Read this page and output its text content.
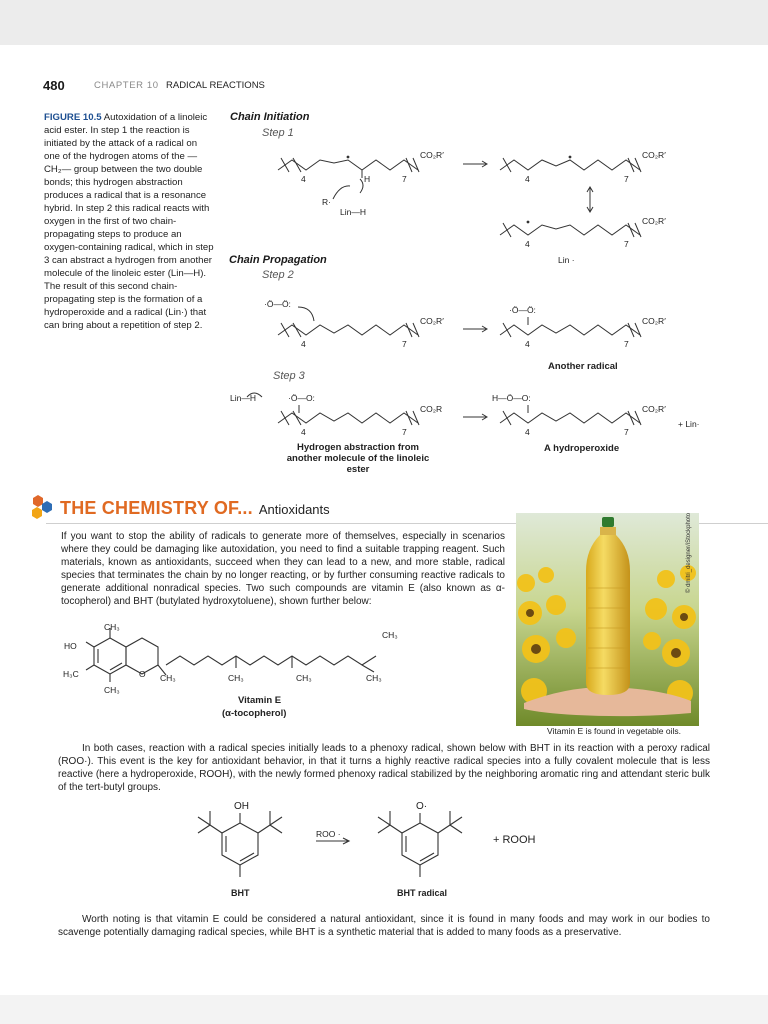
480	CHAPTER 10 RADICAL REACTIONS
FIGURE 10.5 Autoxidation of a linoleic acid ester. In step 1 the reaction is initiated by the attack of a radical on one of the hydrogen atoms of the —CH₂— group between the two double bonds; this hydrogen abstraction produces a radical that is a resonance hybrid. In step 2 this radical reacts with oxygen in the first of two chain-propagating steps to produce an oxygen-containing radical, which in step 3 can abstract a hydrogen from another molecule of the linoleic ester (Lin—H). The result of this second chain-propagating step is the formation of a hydroperoxide and a radical (Lin·) that can bring about a repetition of step 2.
Chain Initiation
Step 1
Chain Propagation
Step 2
Step 3
CO₂R′
4	7
H
R·
Lin—H
CO₂R′
4	7
CO₂R′
4	7
Lin ·
·Ö—Ö:
CO₂R′
4	7
·Ö—Ö:
CO₂R′
4	7
Another radical
Lin—H	·Ö—O:
CO₂R
4	7
Hydrogen abstraction from another molecule of the linoleic ester
H—Ö—O:
CO₂R′
4	7
+ Lin·
A hydroperoxide
THE CHEMISTRY OF... Antioxidants
If you want to stop the ability of radicals to generate more of themselves, especially in scenarios where they could be damaging like autoxidation, you need to find a suitable trapping reagent. Such materials, known as antioxidants, succeed when they can lead to a new, and more stable, radical species that terminates the chain by no longer reacting, or by further consuming reactive radicals to generate additional nonradical species. Two such compounds are vitamin E (also known as α-tocopherol) and BHT (butylated hydroxytoluene), shown further below:
© dmitri_designer/iStockphoto
Vitamin E is found in vegetable oils.
CH₃
HO
H₃C	O
CH₃
CH₃	CH₃	CH₃	CH₃
CH₃
Vitamin E
(α-tocopherol)
In both cases, reaction with a radical species initially leads to a phenoxy radical, shown below with BHT in its reaction with a peroxy radical (ROO·). This event is the key for antioxidant behavior, in that it turns a highly reactive radical species into a fully covalent molecule that is less reactive (here a hydroperoxide, ROOH), with the newly formed phenoxy radical stabilized by the neighboring aromatic ring and attendant steric bulk of the tert-butyl groups.
OH
ROO ·
O·
+ ROOH
BHT	BHT radical
Worth noting is that vitamin E could be considered a natural antioxidant, since it is found in many foods and may work in our bodies to scavenge potentially damaging radical species, while BHT is a synthetic material that is added to many foods as a preservative.
